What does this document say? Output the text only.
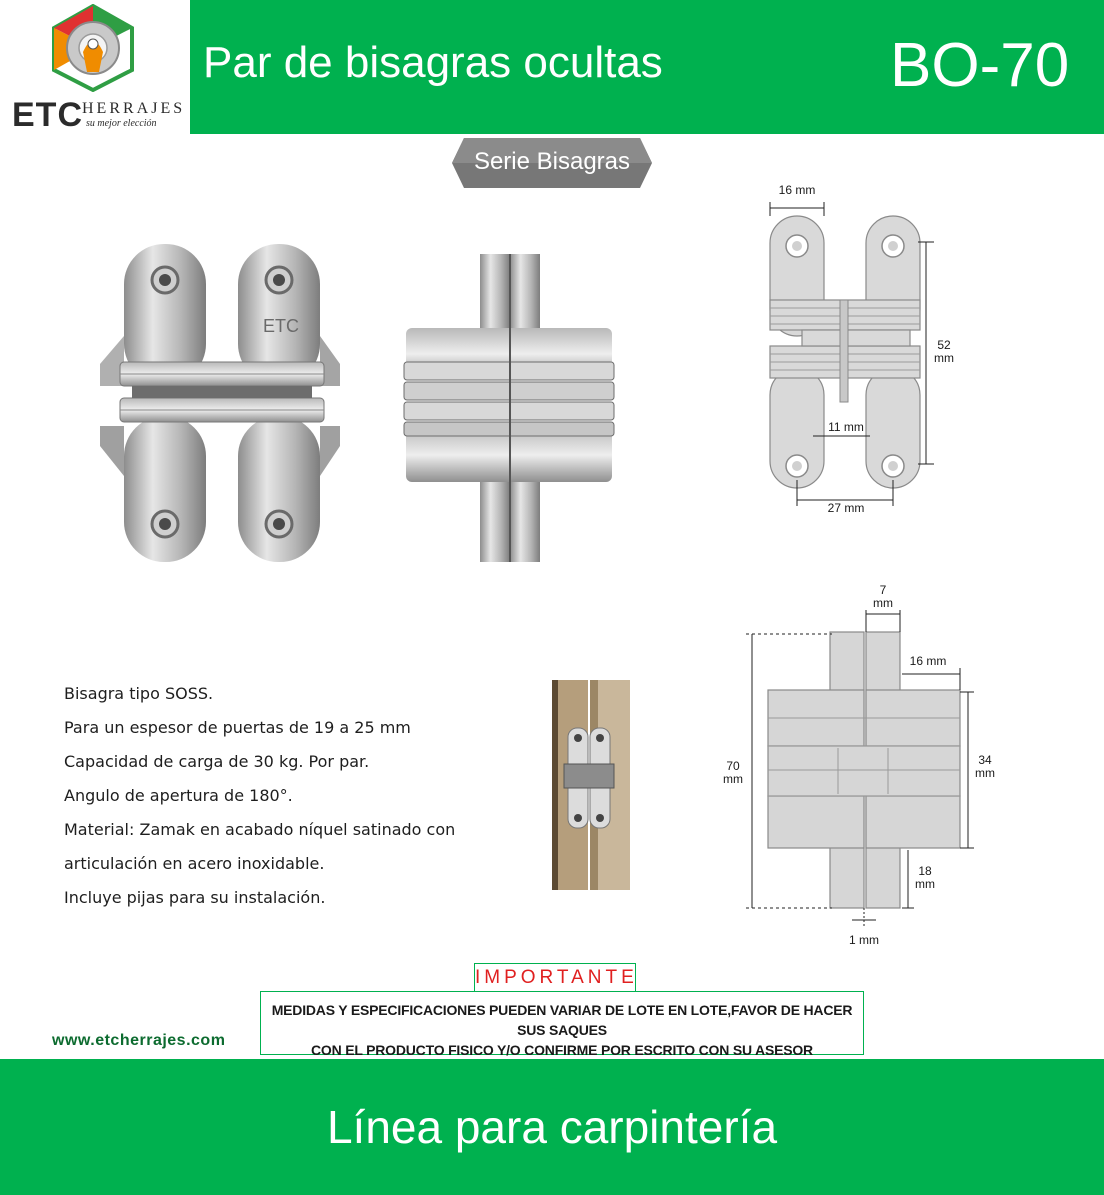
ETC HERRAJES
su mejor elección
Par de bisagras ocultas	BO-70
Serie Bisagras
ETC
16 mm
52
mm
11 mm
27 mm
7
mm
16 mm
70
mm
34
mm
18
mm
1 mm
Bisagra tipo SOSS.
Para un espesor de puertas de 19 a 25 mm
Capacidad de carga de 30 kg. Por par.
Angulo de apertura de 180°.
Material: Zamak en acabado níquel satinado con
articulación en acero inoxidable.
Incluye pijas para su instalación.
IMPORTANTE
MEDIDAS Y ESPECIFICACIONES PUEDEN VARIAR DE LOTE EN LOTE,FAVOR DE HACER SUS SAQUES
CON EL PRODUCTO FISICO Y/O CONFIRME POR ESCRITO CON SU ASESOR
www.etcherrajes.com
Línea para carpintería
